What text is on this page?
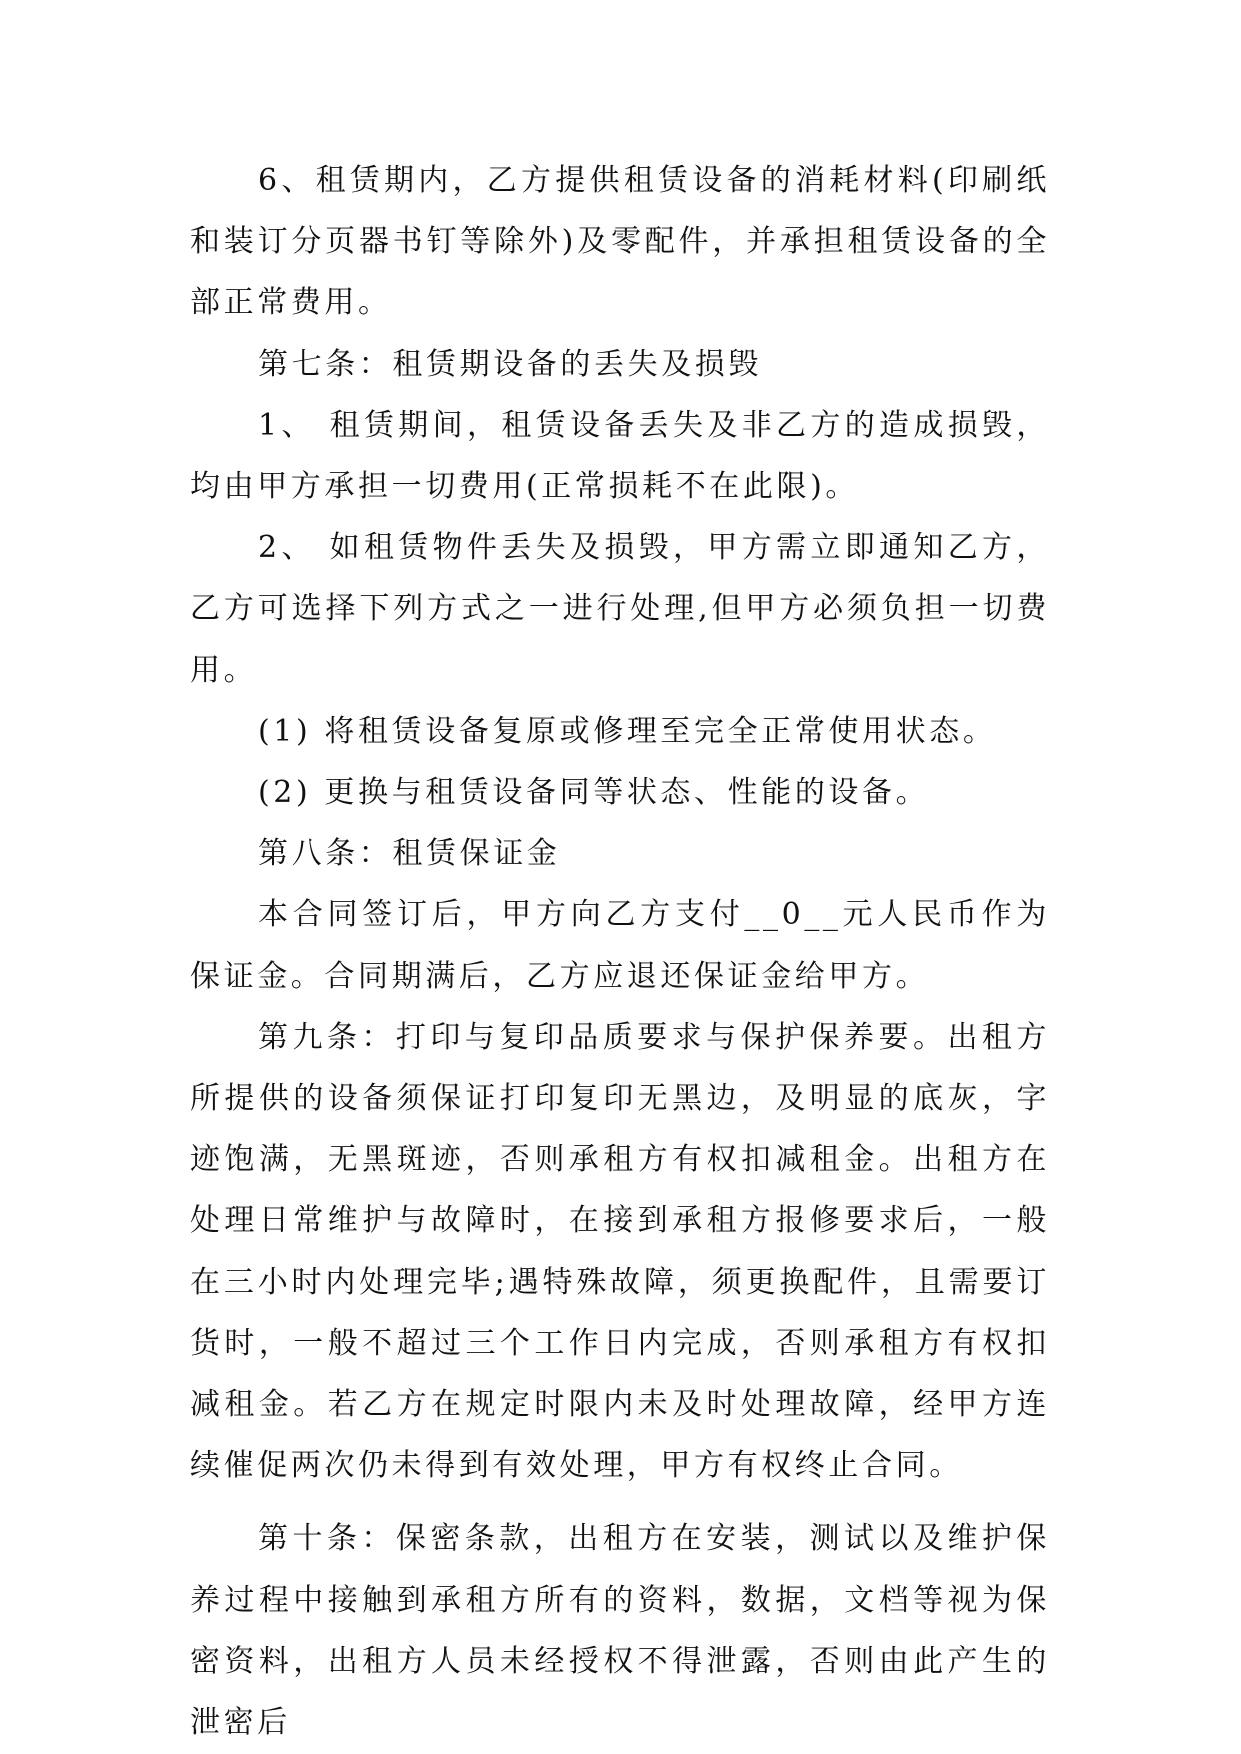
6、租赁期内，乙方提供租赁设备的消耗材料(印刷纸和装订分页器书钉等除外)及零配件，并承担租赁设备的全部正常费用。

第七条：租赁期设备的丢失及损毁

1、 租赁期间，租赁设备丢失及非乙方的造成损毁，均由甲方承担一切费用(正常损耗不在此限)。

2、 如租赁物件丢失及损毁，甲方需立即通知乙方，乙方可选择下列方式之一进行处理,但甲方必须负担一切费用。

(1) 将租赁设备复原或修理至完全正常使用状态。

(2) 更换与租赁设备同等状态、性能的设备。

第八条：租赁保证金

本合同签订后，甲方向乙方支付__0__元人民币作为保证金。合同期满后，乙方应退还保证金给甲方。

第九条：打印与复印品质要求与保护保养要。出租方所提供的设备须保证打印复印无黑边，及明显的底灰，字迹饱满，无黑斑迹，否则承租方有权扣减租金。出租方在处理日常维护与故障时，在接到承租方报修要求后，一般在三小时内处理完毕;遇特殊故障，须更换配件，且需要订货时，一般不超过三个工作日内完成，否则承租方有权扣减租金。若乙方在规定时限内未及时处理故障，经甲方连续催促两次仍未得到有效处理，甲方有权终止合同。

第十条：保密条款，出租方在安装，测试以及维护保养过程中接触到承租方所有的资料，数据，文档等视为保密资料，出租方人员未经授权不得泄露，否则由此产生的泄密后
